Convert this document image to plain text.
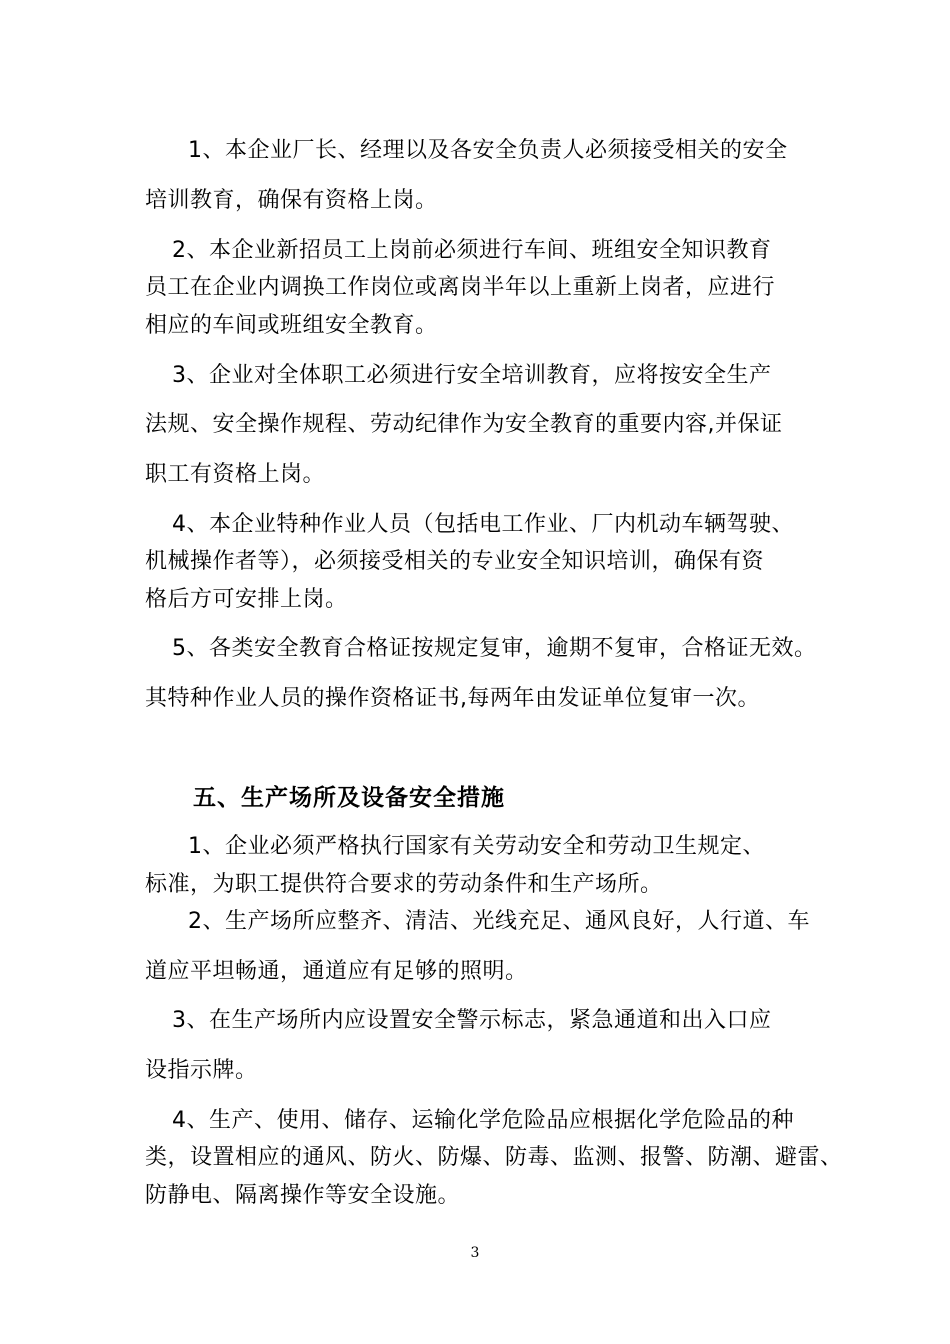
1、本企业厂长、经理以及各安全负责人必须接受相关的安全
培训教育，确保有资格上岗。
2、本企业新招员工上岗前必须进行车间、班组安全知识教育
员工在企业内调换工作岗位或离岗半年以上重新上岗者，应进行
相应的车间或班组安全教育。
3、企业对全体职工必须进行安全培训教育，应将按安全生产
法规、安全操作规程、劳动纪律作为安全教育的重要内容,并保证
职工有资格上岗。
4、本企业特种作业人员（包括电工作业、厂内机动车辆驾驶、
机械操作者等），必须接受相关的专业安全知识培训，确保有资
格后方可安排上岗。
5、各类安全教育合格证按规定复审，逾期不复审，合格证无效。
其特种作业人员的操作资格证书,每两年由发证单位复审一次。
五、生产场所及设备安全措施
1、企业必须严格执行国家有关劳动安全和劳动卫生规定、
标准，为职工提供符合要求的劳动条件和生产场所。
2、生产场所应整齐、清洁、光线充足、通风良好，人行道、车
道应平坦畅通，通道应有足够的照明。
3、在生产场所内应设置安全警示标志，紧急通道和出入口应
设指示牌。
4、生产、使用、储存、运输化学危险品应根据化学危险品的种
类，设置相应的通风、防火、防爆、防毒、监测、报警、防潮、避雷、
防静电、隔离操作等安全设施。
3
